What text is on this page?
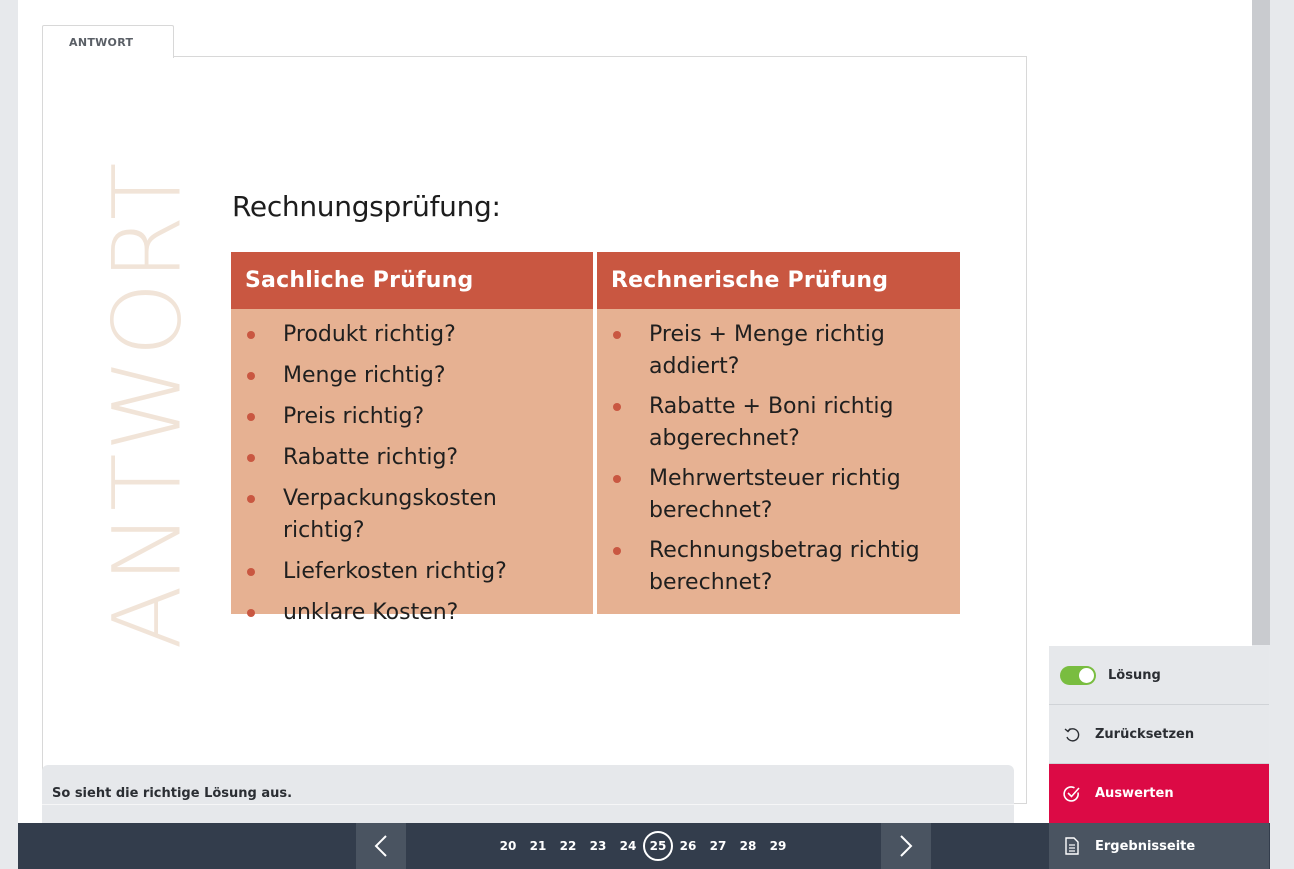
ANTWORT
ANTWORT Rechnungsprüfung:
Sachliche Prüfung
Produkt richtig?
Menge richtig?
Preis richtig?
Rabatte richtig?
Verpackungskosten richtig?
Lieferkosten richtig?
unklare Kosten?
Rechnerische Prüfung
Preis + Menge richtig addiert?
Rabatte + Boni richtig abgerechnet?
Mehrwertsteuer richtig berechnet?
Rechnungsbetrag richtig berechnet?
So sieht die richtige Lösung aus.
20	21	22	23	24	25	26	27	28	29
Lösung
Zurücksetzen
Auswerten
Ergebnisseite
